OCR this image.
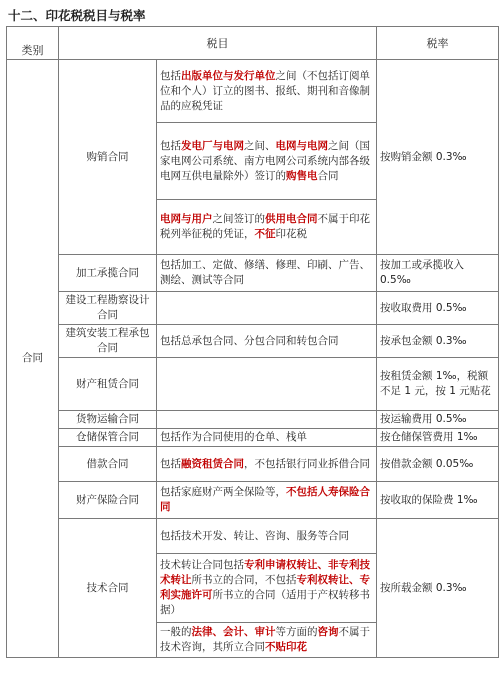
十二、印花税税目与税率
类别	税目		税率
合同	购销合同	包括出版单位与发行单位之间（不包括订阅单位和个人）订立的图书、报纸、期刊和音像制品的应税凭证	按购销金额 0.3‰
		包括发电厂与电网之间、电网与电网之间（国家电网公司系统、南方电网公司系统内部各级电网互供电量除外）签订的购售电合同	
		电网与用户之间签订的供用电合同不属于印花税列举征税的凭证，不征印花税	
	加工承揽合同	包括加工、定做、修缮、修理、印刷、广告、测绘、测试等合同	按加工或承揽收入 0.5‰
	建设工程勘察设计合同		按收取费用 0.5‰
	建筑安装工程承包合同	包括总承包合同、分包合同和转包合同	按承包金额 0.3‰
	财产租赁合同		按租赁金额 1‰，税额不足 1 元，按 1 元贴花
	货物运输合同		按运输费用 0.5‰
	仓储保管合同	包括作为合同使用的仓单、栈单	按仓储保管费用 1‰
	借款合同	包括融资租赁合同，不包括银行同业拆借合同	按借款金额 0.05‰
	财产保险合同	包括家庭财产两全保险等，不包括人寿保险合同	按收取的保险费 1‰
	技术合同	包括技术开发、转让、咨询、服务等合同	按所载金额 0.3‰
		技术转让合同包括专利申请权转让、非专利技术转让所书立的合同，不包括专利权转让、专利实施许可所书立的合同（适用于产权转移书据）	
		一般的法律、会计、审计等方面的咨询不属于技术咨询，其所立合同不贴印花	
